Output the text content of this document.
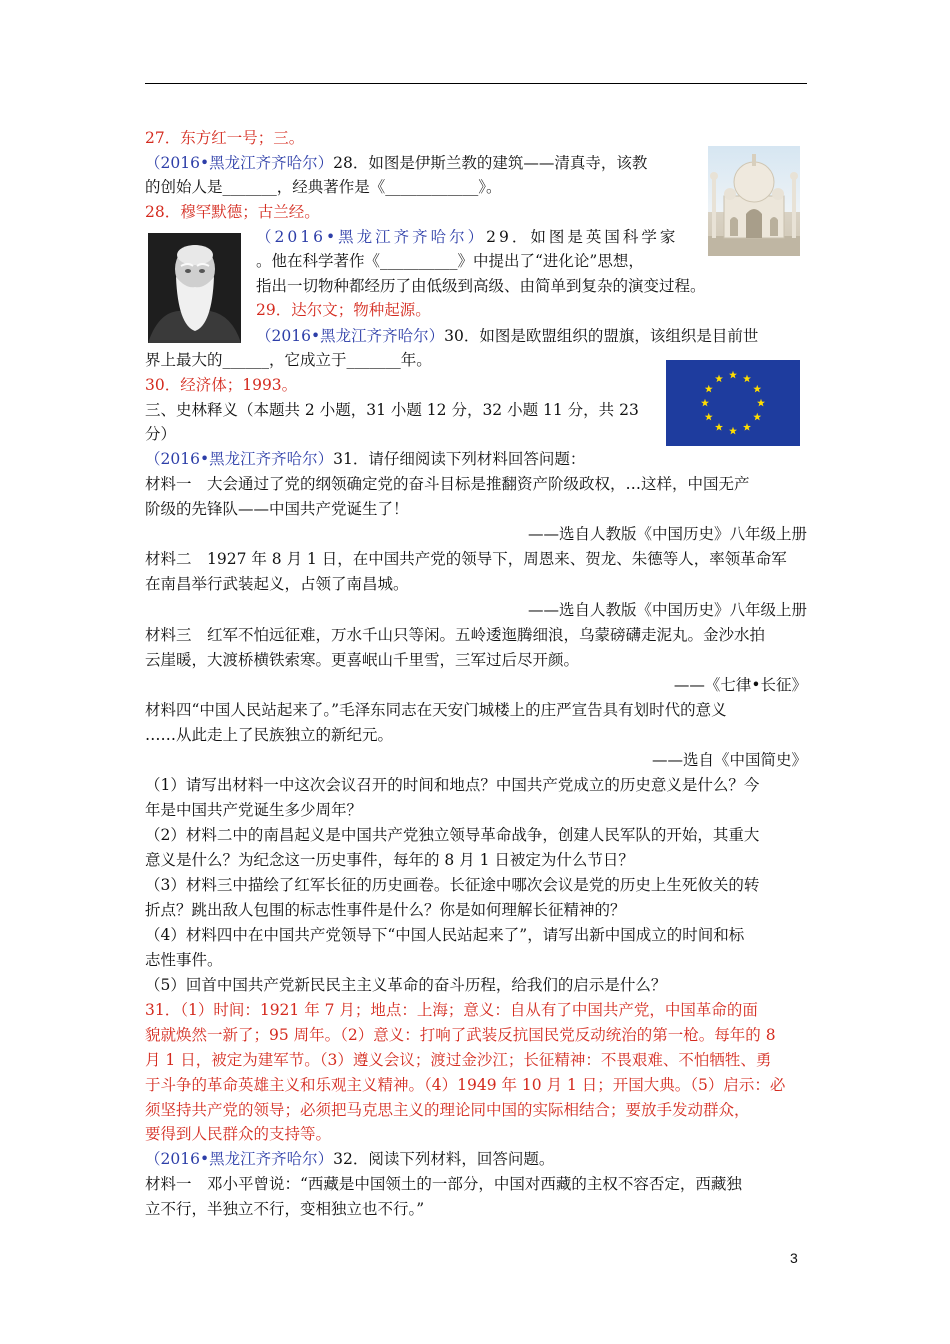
27．东方红一号；三。
（2016•黑龙江齐齐哈尔）28．如图是伊斯兰教的建筑——清真寺，该教
的创始人是_______，经典著作是《____________》。
28．穆罕默德；古兰经。
（2016•黑龙江齐齐哈尔）29．如图是英国科学家
。他在科学著作《__________》中提出了“进化论”思想，
指出一切物种都经历了由低级到高级、由简单到复杂的演变过程。
29．达尔文；物种起源。
（2016•黑龙江齐齐哈尔）30．如图是欧盟组织的盟旗，该组织是目前世
界上最大的______，它成立于_______年。
30．经济体；1993。
三、史林释义（本题共 2 小题，31 小题 12 分，32 小题 11 分，共 23
分）
（2016•黑龙江齐齐哈尔）31．请仔细阅读下列材料回答问题：
材料一　大会通过了党的纲领确定党的奋斗目标是推翻资产阶级政权，…这样，中国无产
阶级的先锋队——中国共产党诞生了！
——选自人教版《中国历史》八年级上册
材料二　1927 年 8 月 1 日，在中国共产党的领导下，周恩来、贺龙、朱德等人，率领革命军
在南昌举行武装起义，占领了南昌城。
——选自人教版《中国历史》八年级上册
材料三　红军不怕远征难，万水千山只等闲。五岭逶迤腾细浪，乌蒙磅礴走泥丸。金沙水拍
云崖暖，大渡桥横铁索寒。更喜岷山千里雪，三军过后尽开颜。
——《七律•长征》
材料四“中国人民站起来了。”毛泽东同志在天安门城楼上的庄严宣告具有划时代的意义
……从此走上了民族独立的新纪元。
——选自《中国简史》
（1）请写出材料一中这次会议召开的时间和地点？中国共产党成立的历史意义是什么？今
年是中国共产党诞生多少周年？
（2）材料二中的南昌起义是中国共产党独立领导革命战争，创建人民军队的开始，其重大
意义是什么？为纪念这一历史事件，每年的 8 月 1 日被定为什么节日？
（3）材料三中描绘了红军长征的历史画卷。长征途中哪次会议是党的历史上生死攸关的转
折点？跳出敌人包围的标志性事件是什么？你是如何理解长征精神的？
（4）材料四中在中国共产党领导下“中国人民站起来了”，请写出新中国成立的时间和标
志性事件。
（5）回首中国共产党新民民主主义革命的奋斗历程，给我们的启示是什么？
31．（1）时间：1921 年 7 月；地点：上海；意义：自从有了中国共产党，中国革命的面
貌就焕然一新了；95 周年。（2）意义：打响了武装反抗国民党反动统治的第一枪。每年的 8
月 1 日，被定为建军节。（3）遵义会议；渡过金沙江；长征精神：不畏艰难、不怕牺牲、勇
于斗争的革命英雄主义和乐观主义精神。（4）1949 年 10 月 1 日；开国大典。（5）启示：必
须坚持共产党的领导；必须把马克思主义的理论同中国的实际相结合；要放手发动群众，
要得到人民群众的支持等。
（2016•黑龙江齐齐哈尔）32．阅读下列材料，回答问题。
材料一　邓小平曾说：“西藏是中国领土的一部分，中国对西藏的主权不容否定，西藏独
立不行，半独立不行，变相独立也不行。”
3
